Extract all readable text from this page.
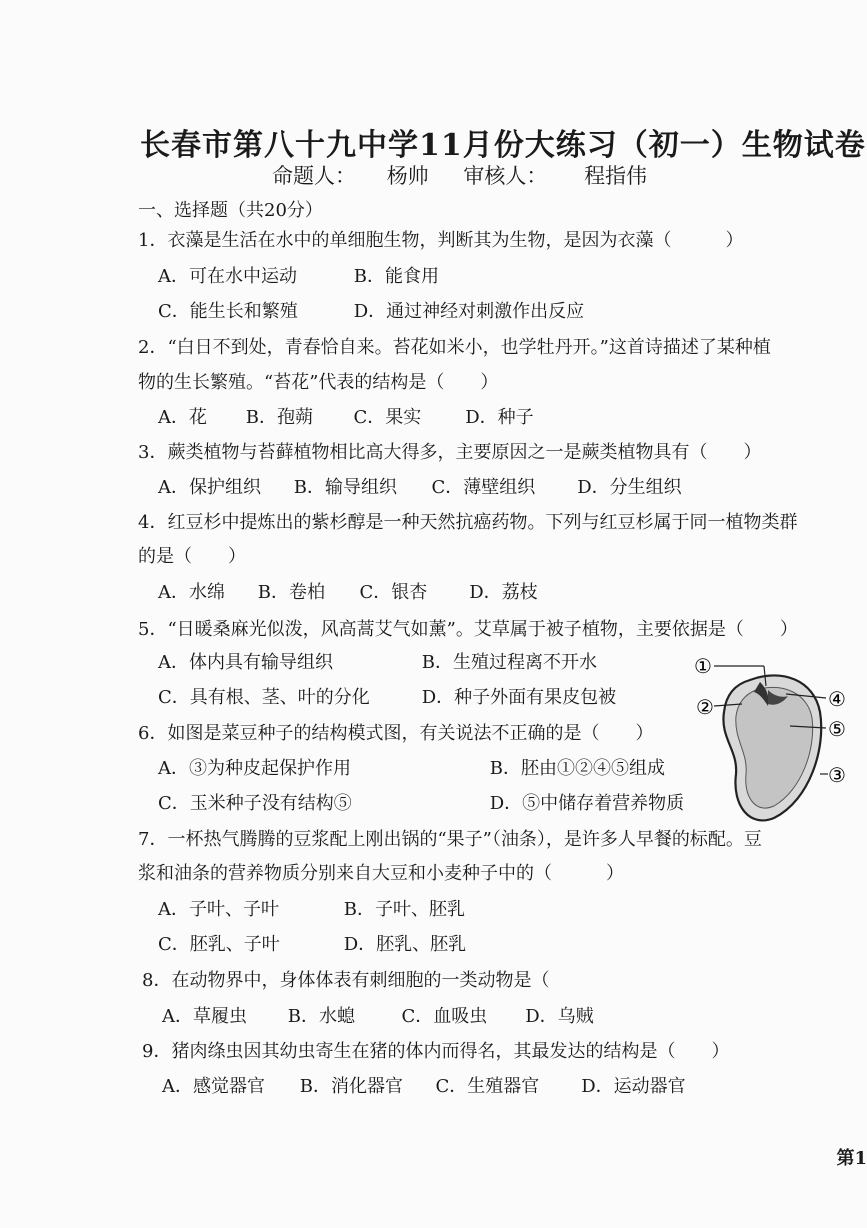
长春市第八十九中学11月份大练习（初一）生物试卷
命题人： 杨帅 审核人： 程指伟
一、选择题（共20分）
1．衣藻是生活在水中的单细胞生物，判断其为生物，是因为衣藻（　　　）
A．可在水中运动	B．能食用
C．能生长和繁殖	D．通过神经对刺激作出反应
2．“白日不到处，青春恰自来。苔花如米小，也学牡丹开。”这首诗描述了某种植
物的生长繁殖。“苔花”代表的结构是（　　）
A．花 B．孢蒴 C．果实 D．种子
3．蕨类植物与苔藓植物相比高大得多，主要原因之一是蕨类植物具有（　　）
A．保护组织 B．输导组织 C．薄壁组织 D．分生组织
4．红豆杉中提炼出的紫杉醇是一种天然抗癌药物。下列与红豆杉属于同一植物类群
的是（　　）
A．水绵 B．卷柏 C．银杏 D．荔枝
5．“日暖桑麻光似泼，风高蒿艾气如薰”。艾草属于被子植物，主要依据是（　　）
A．体内具有输导组织	B．生殖过程离不开水
C．具有根、茎、叶的分化	D．种子外面有果皮包被
6．如图是菜豆种子的结构模式图，有关说法不正确的是（　　）
A．③为种皮起保护作用	B．胚由①②④⑤组成
C．玉米种子没有结构⑤	D．⑤中储存着营养物质
①
②	④
⑤
③
7．一杯热气腾腾的豆浆配上刚出锅的“果子”（油条），是许多人早餐的标配。豆
浆和油条的营养物质分别来自大豆和小麦种子中的（　　　）
A．子叶、子叶	B．子叶、胚乳
C．胚乳、子叶	D．胚乳、胚乳
8．在动物界中，身体体表有刺细胞的一类动物是（
A．草履虫 B．水螅	C．血吸虫 D．乌贼
9．猪肉绦虫因其幼虫寄生在猪的体内而得名，其最发达的结构是（　　）
A．感觉器官 B．消化器官 C．生殖器官 D．运动器官
第1
